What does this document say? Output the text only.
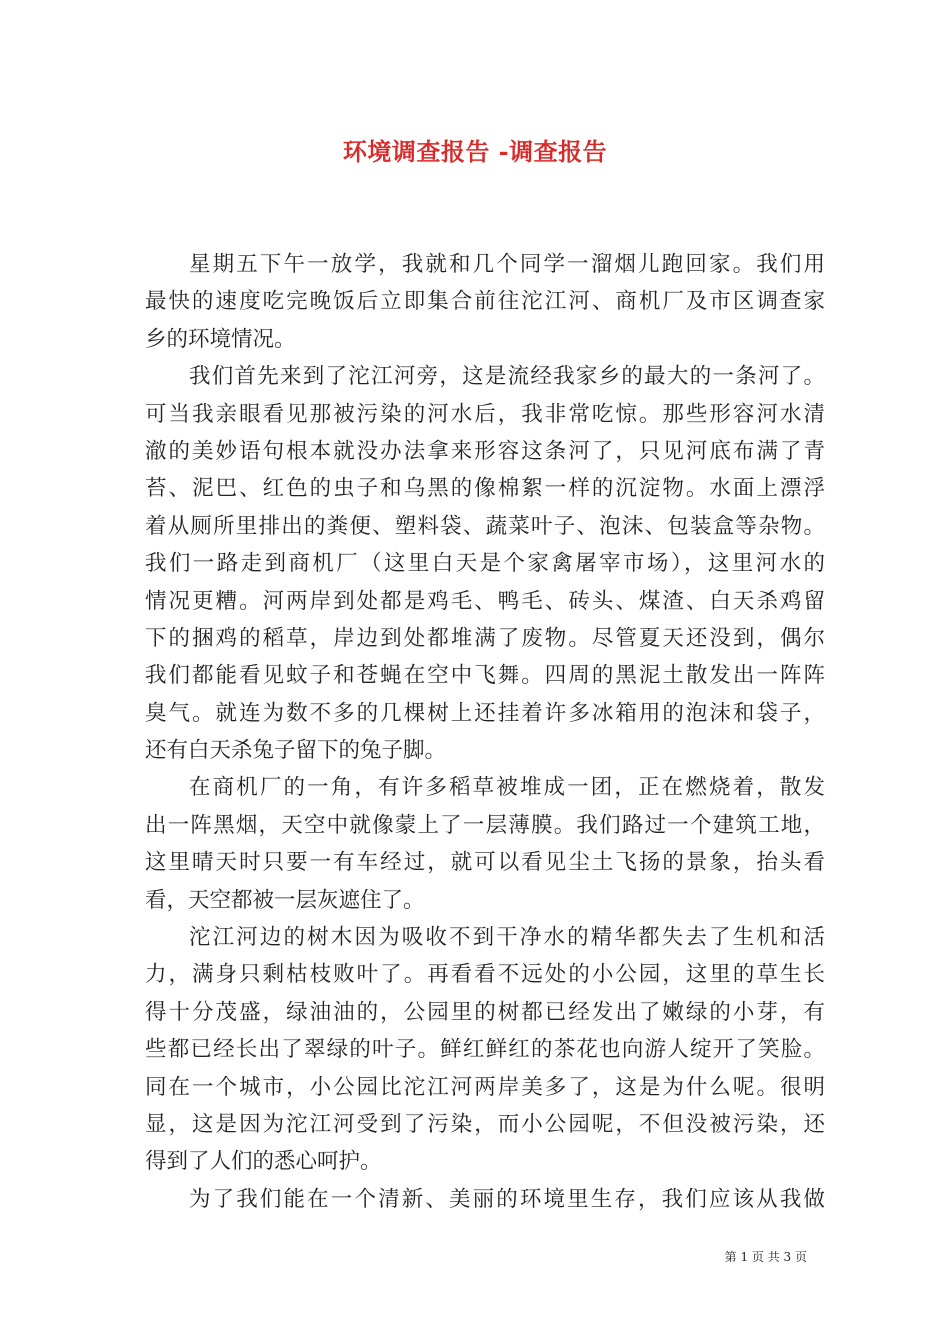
环境调查报告 -调查报告
星期五下午一放学，我就和几个同学一溜烟儿跑回家。我们用
最快的速度吃完晚饭后立即集合前往沱江河、商机厂及市区调查家
乡的环境情况。
我们首先来到了沱江河旁，这是流经我家乡的最大的一条河了。
可当我亲眼看见那被污染的河水后，我非常吃惊。那些形容河水清
澈的美妙语句根本就没办法拿来形容这条河了，只见河底布满了青
苔、泥巴、红色的虫子和乌黑的像棉絮一样的沉淀物。水面上漂浮
着从厕所里排出的粪便、塑料袋、蔬菜叶子、泡沫、包装盒等杂物。
我们一路走到商机厂（这里白天是个家禽屠宰市场），这里河水的
情况更糟。河两岸到处都是鸡毛、鸭毛、砖头、煤渣、白天杀鸡留
下的捆鸡的稻草，岸边到处都堆满了废物。尽管夏天还没到，偶尔
我们都能看见蚊子和苍蝇在空中飞舞。四周的黑泥土散发出一阵阵
臭气。就连为数不多的几棵树上还挂着许多冰箱用的泡沫和袋子，
还有白天杀兔子留下的兔子脚。
在商机厂的一角，有许多稻草被堆成一团，正在燃烧着，散发
出一阵黑烟，天空中就像蒙上了一层薄膜。我们路过一个建筑工地，
这里晴天时只要一有车经过，就可以看见尘土飞扬的景象，抬头看
看，天空都被一层灰遮住了。
沱江河边的树木因为吸收不到干净水的精华都失去了生机和活
力，满身只剩枯枝败叶了。再看看不远处的小公园，这里的草生长
得十分茂盛，绿油油的，公园里的树都已经发出了嫩绿的小芽，有
些都已经长出了翠绿的叶子。鲜红鲜红的茶花也向游人绽开了笑脸。
同在一个城市，小公园比沱江河两岸美多了，这是为什么呢。很明
显，这是因为沱江河受到了污染，而小公园呢，不但没被污染，还
得到了人们的悉心呵护。
为了我们能在一个清新、美丽的环境里生存，我们应该从我做
第 1 页 共 3 页
